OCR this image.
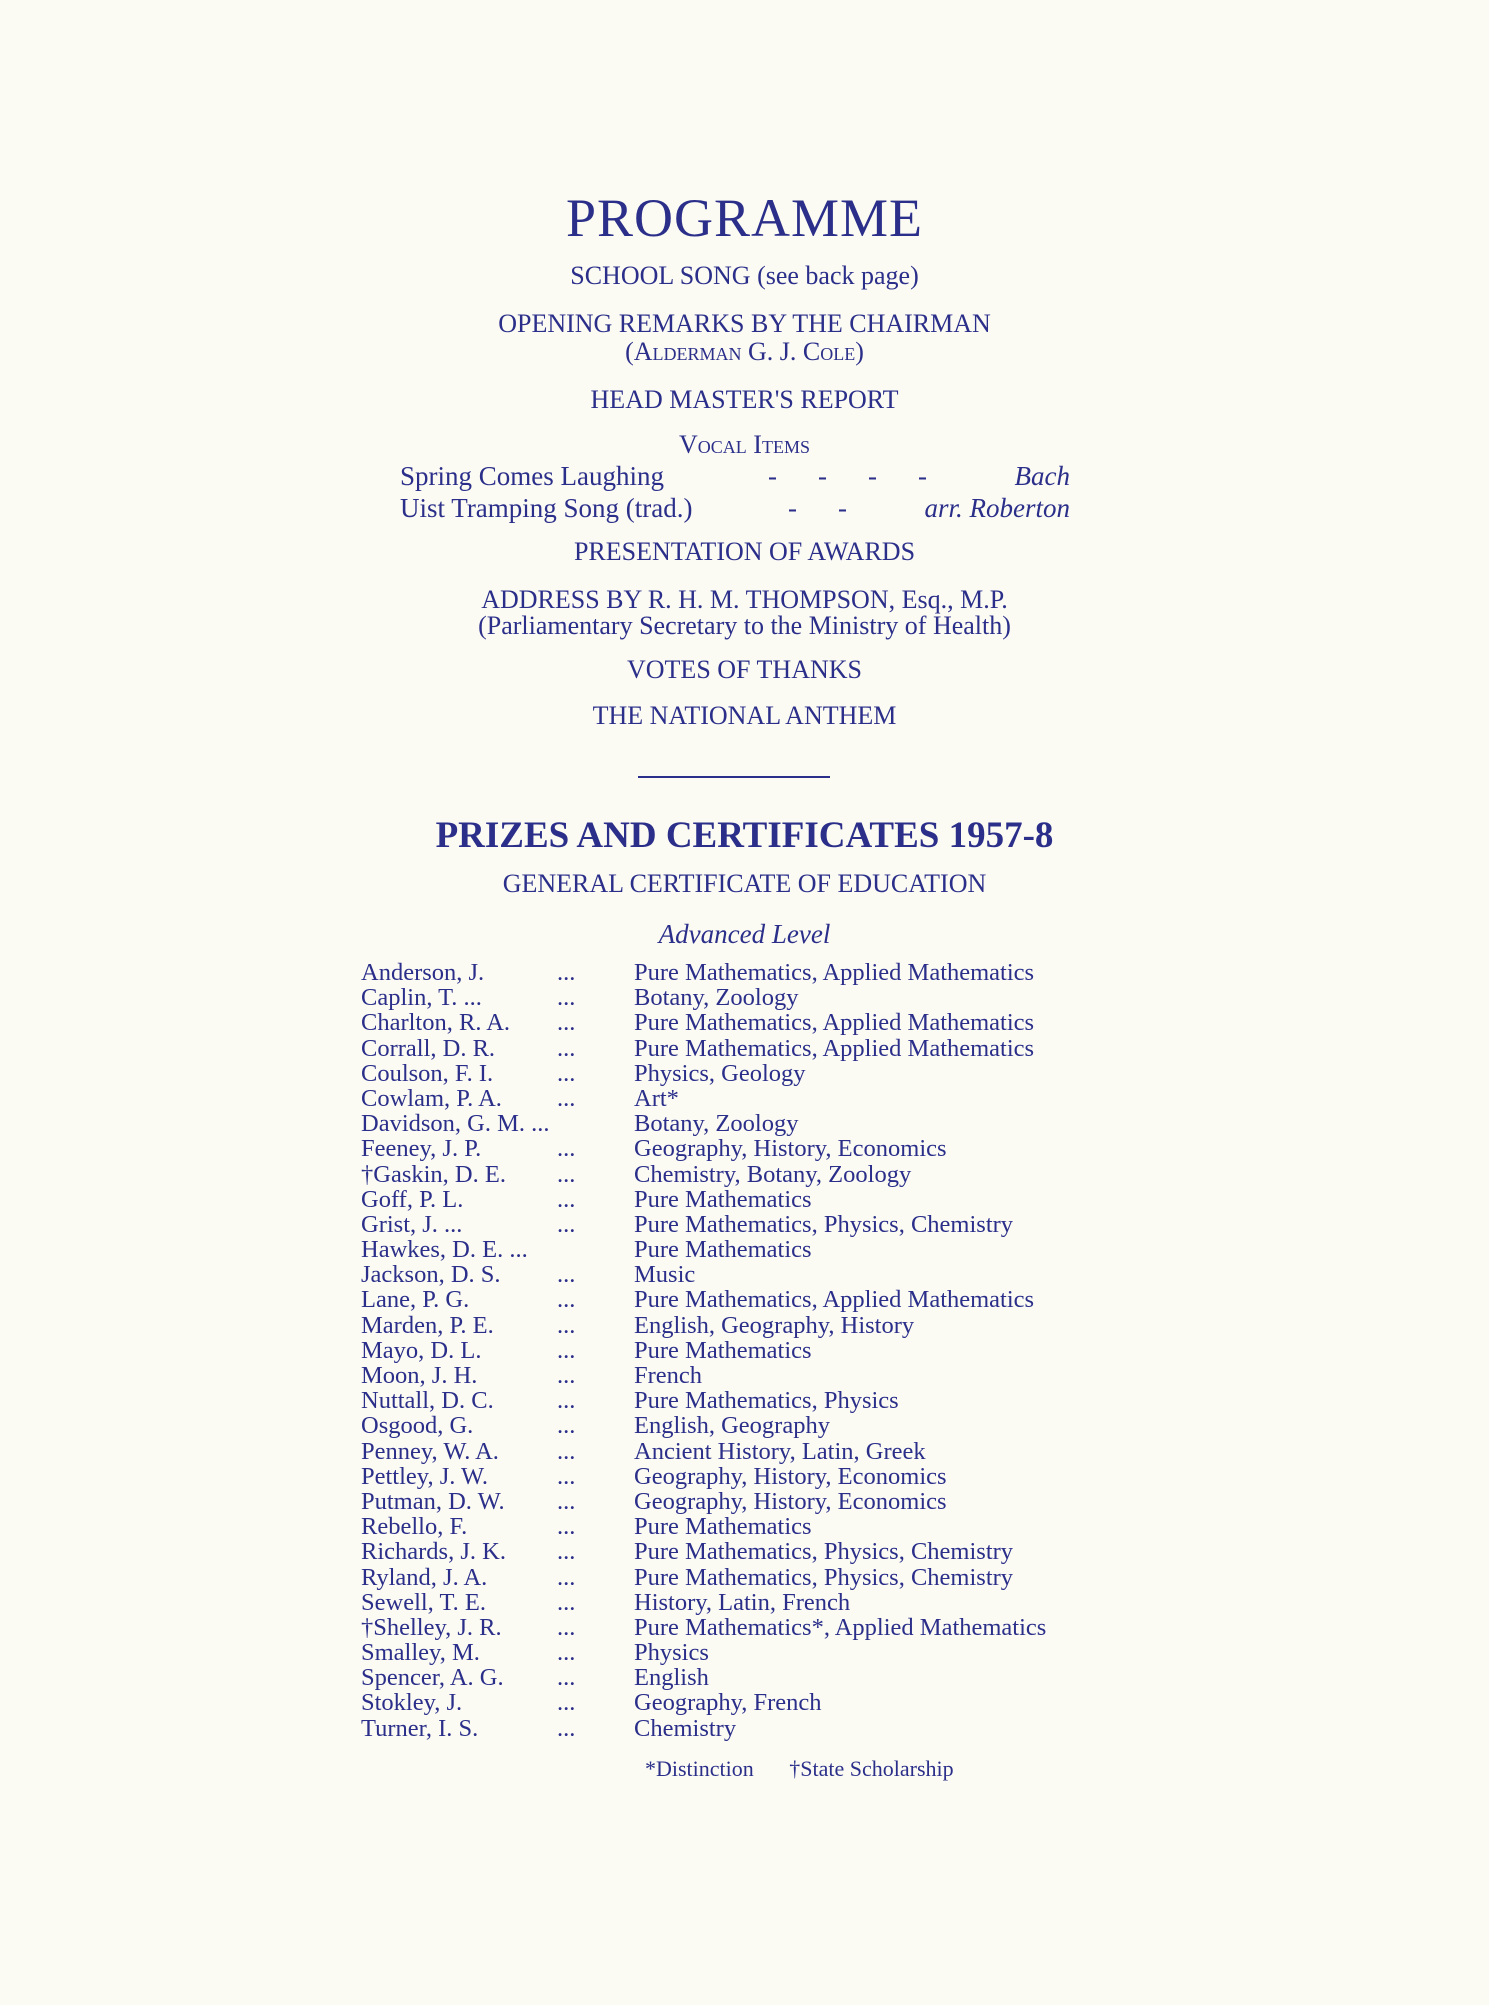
PROGRAMME
SCHOOL SONG (see back page)
OPENING REMARKS BY THE CHAIRMAN
(Alderman G. J. Cole)
HEAD MASTER'S REPORT
Vocal Items
Spring Comes Laughing	- - - -	Bach
Uist Tramping Song (trad.)	- -	arr. Roberton
PRESENTATION OF AWARDS
ADDRESS BY R. H. M. THOMPSON, Esq., M.P.
(Parliamentary Secretary to the Ministry of Health)
VOTES OF THANKS
THE NATIONAL ANTHEM
PRIZES AND CERTIFICATES 1957-8
GENERAL CERTIFICATE OF EDUCATION
Advanced Level
Anderson, J.	... Pure Mathematics, Applied Mathematics
Caplin, T. ...	... Botany, Zoology
Charlton, R. A. ... Pure Mathematics, Applied Mathematics
Corrall, D. R.	... Pure Mathematics, Applied Mathematics
Coulson, F. I.	... Physics, Geology
Cowlam, P. A. ... Art*
Davidson, G. M. ...	Botany, Zoology
Feeney, J. P.	... Geography, History, Economics
†Gaskin, D. E. ... Chemistry, Botany, Zoology
Goff, P. L.	... Pure Mathematics
Grist, J. ...	... Pure Mathematics, Physics, Chemistry
Hawkes, D. E. ...	Pure Mathematics
Jackson, D. S. ... Music
Lane, P. G.	... Pure Mathematics, Applied Mathematics
Marden, P. E.	... English, Geography, History
Mayo, D. L.	... Pure Mathematics
Moon, J. H.	... French
Nuttall, D. C.	... Pure Mathematics, Physics
Osgood, G.	... English, Geography
Penney, W. A. ... Ancient History, Latin, Greek
Pettley, J. W.	... Geography, History, Economics
Putman, D. W. ... Geography, History, Economics
Rebello, F.	... Pure Mathematics
Richards, J. K. ... Pure Mathematics, Physics, Chemistry
Ryland, J. A.	... Pure Mathematics, Physics, Chemistry
Sewell, T. E.	... History, Latin, French
†Shelley, J. R. ... Pure Mathematics*, Applied Mathematics
Smalley, M.	... Physics
Spencer, A. G. ... English
Stokley, J.	... Geography, French
Turner, I. S.	... Chemistry
*Distinction †State Scholarship
